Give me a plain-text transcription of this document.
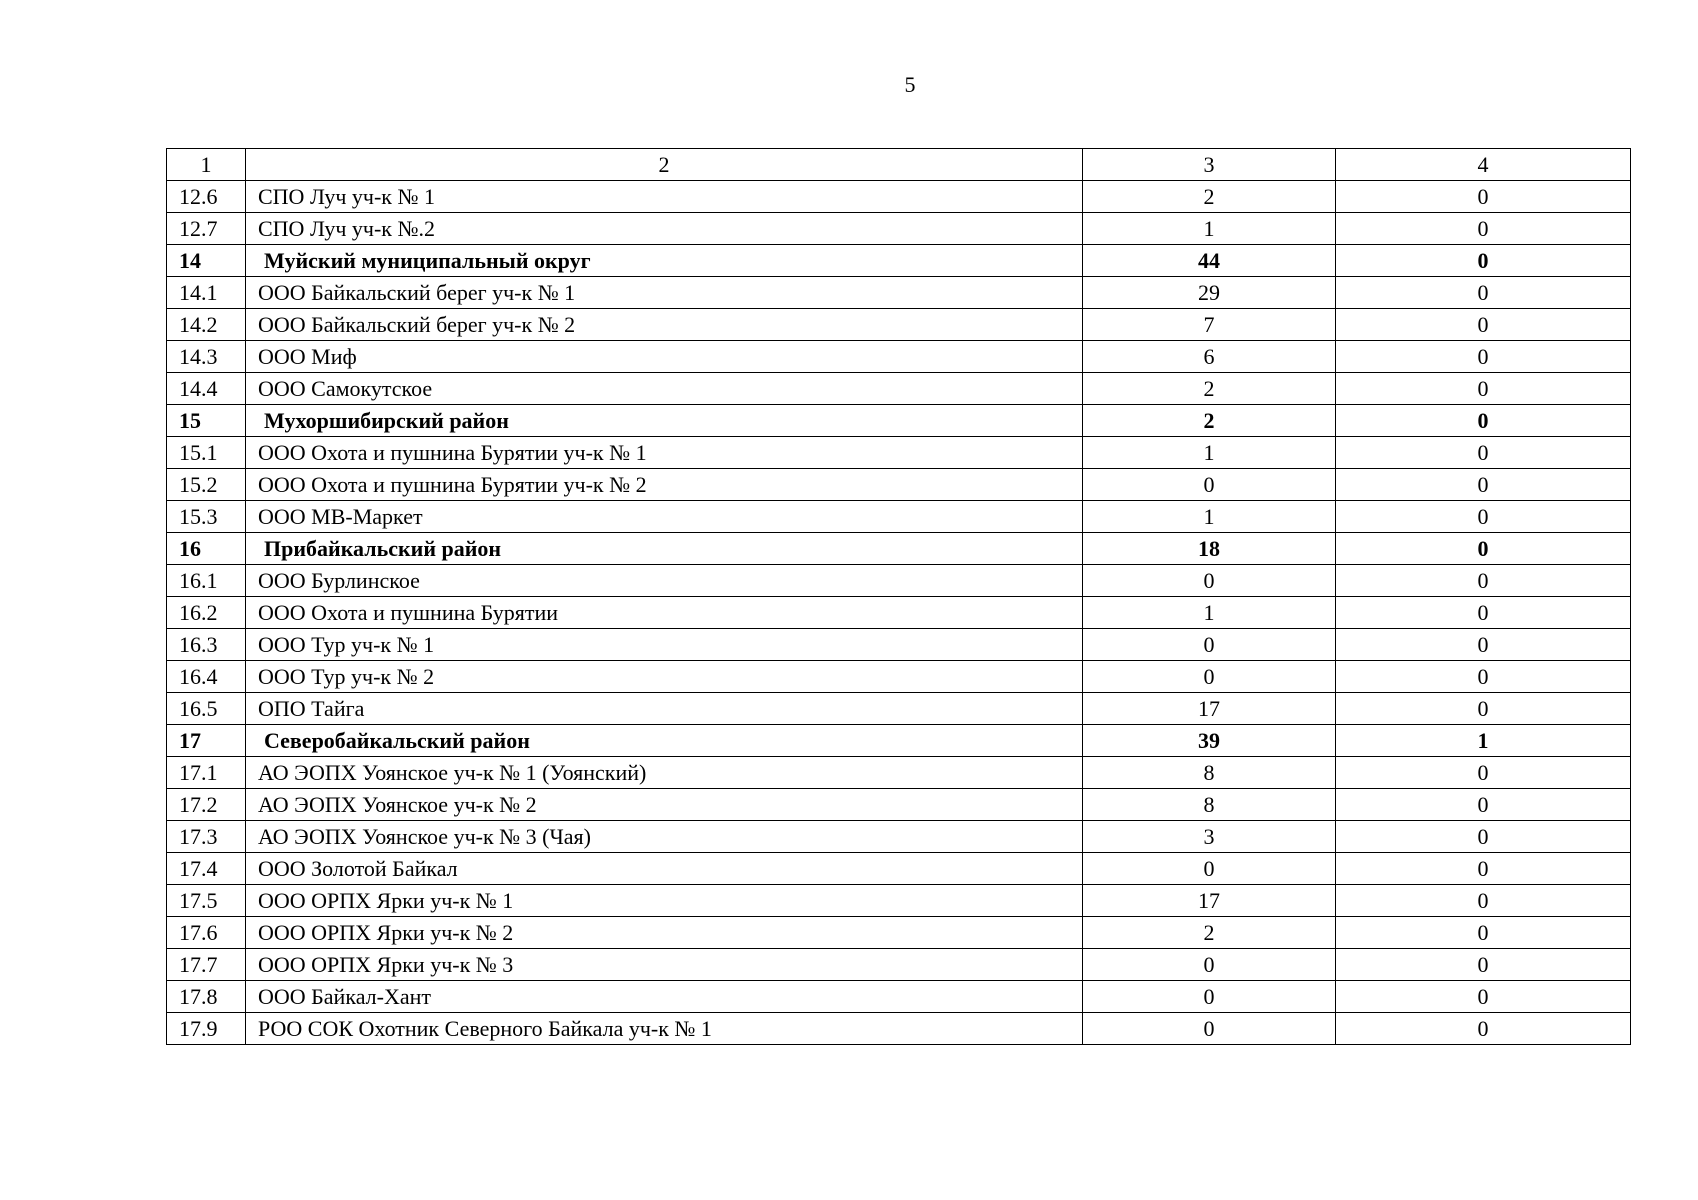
5
1	2	3	4
12.6	СПО Луч уч-к № 1	2	0
12.7	СПО Луч уч-к №.2	1	0
14	Муйский муниципальный округ	44	0
14.1	ООО Байкальский берег уч-к № 1	29	0
14.2	ООО Байкальский берег уч-к № 2	7	0
14.3	ООО Миф	6	0
14.4	ООО Самокутское	2	0
15	Мухоршибирский район	2	0
15.1	ООО Охота и пушнина Бурятии уч-к № 1	1	0
15.2	ООО Охота и пушнина Бурятии уч-к № 2	0	0
15.3	ООО МВ-Маркет	1	0
16	Прибайкальский район	18	0
16.1	ООО Бурлинское	0	0
16.2	ООО Охота и пушнина Бурятии	1	0
16.3	ООО Тур уч-к № 1	0	0
16.4	ООО Тур уч-к № 2	0	0
16.5	ОПО Тайга	17	0
17	Северобайкальский район	39	1
17.1	АО ЭОПХ Уоянское уч-к № 1 (Уоянский)	8	0
17.2	АО ЭОПХ Уоянское уч-к № 2	8	0
17.3	АО ЭОПХ Уоянское уч-к № 3 (Чая)	3	0
17.4	ООО Золотой Байкал	0	0
17.5	ООО ОРПХ Ярки уч-к № 1	17	0
17.6	ООО ОРПХ Ярки уч-к № 2	2	0
17.7	ООО ОРПХ Ярки уч-к № 3	0	0
17.8	ООО Байкал-Хант	0	0
17.9	РОО СОК Охотник Северного Байкала уч-к № 1	0	0
